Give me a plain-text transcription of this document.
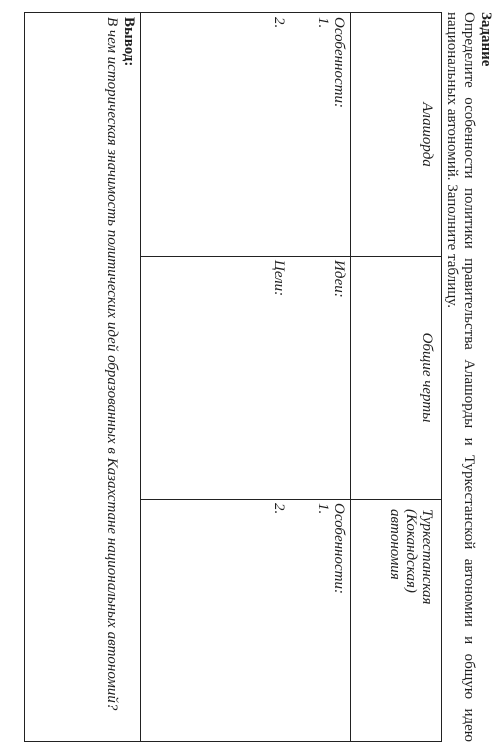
Задание
Определите особенности политики правительства Алашорды и Туркестанской автономии и общую идею национальных автономий. Заполните таблицу.
Алашорда
Общие черты
Туркестанская
(Кокандская)
автономия
Особенности:
1.
2.
Идеи:
Цели:
Особенности:
1.
2.
Вывод:
В чем историческая значимость политических идей образованных в Казахстане национальных автономий?
